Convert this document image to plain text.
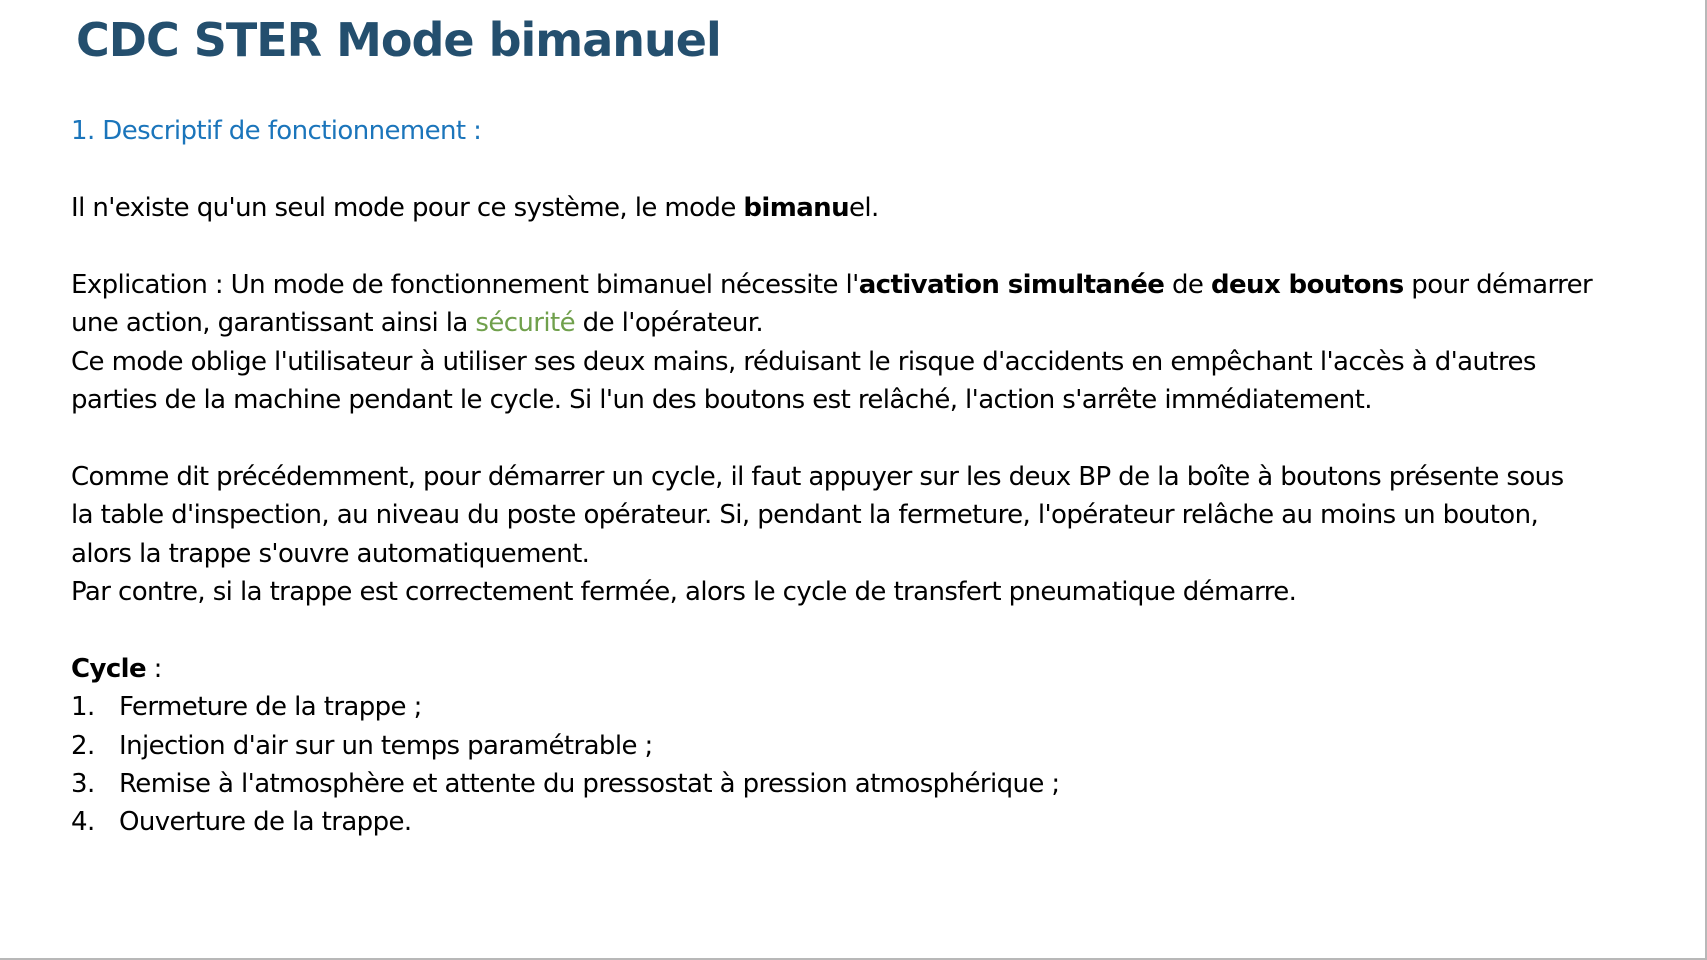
CDC STER Mode bimanuel
1. Descriptif de fonctionnement :

Il n'existe qu'un seul mode pour ce système, le mode bimanuel.

Explication : Un mode de fonctionnement bimanuel nécessite l'activation simultanée de deux boutons pour démarrer

une action, garantissant ainsi la sécurité de l'opérateur.

Ce mode oblige l'utilisateur à utiliser ses deux mains, réduisant le risque d'accidents en empêchant l'accès à d'autres

parties de la machine pendant le cycle. Si l'un des boutons est relâché, l'action s'arrête immédiatement.

Comme dit précédemment, pour démarrer un cycle, il faut appuyer sur les deux BP de la boîte à boutons présente sous

la table d'inspection, au niveau du poste opérateur. Si, pendant la fermeture, l'opérateur relâche au moins un bouton,

alors la trappe s'ouvre automatiquement.

Par contre, si la trappe est correctement fermée, alors le cycle de transfert pneumatique démarre.

Cycle :

1. Fermeture de la trappe ;
2. Injection d'air sur un temps paramétrable ;
3. Remise à l'atmosphère et attente du pressostat à pression atmosphérique ;
4. Ouverture de la trappe.
